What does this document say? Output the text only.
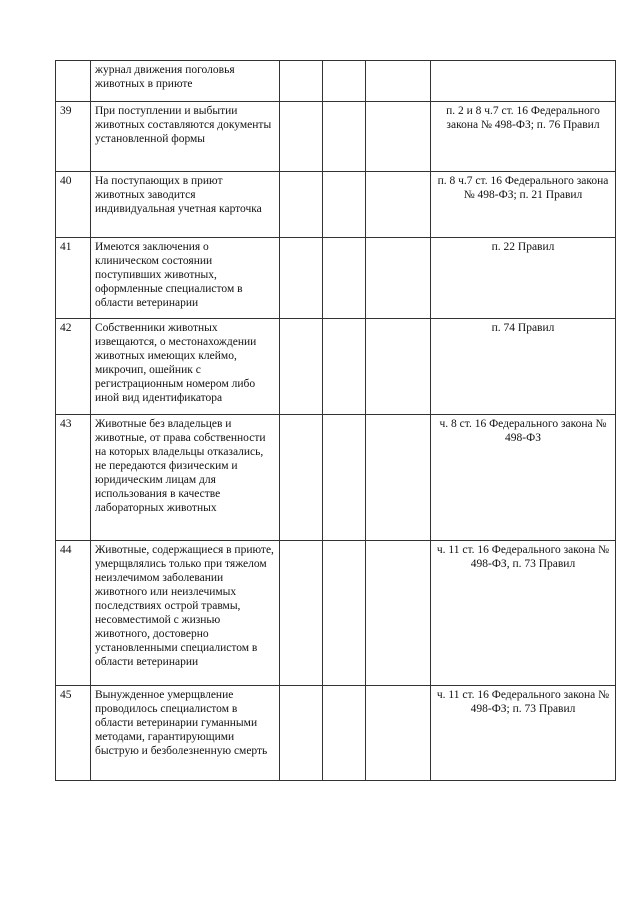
	журнал движения поголовья животных в приюте				
39	При поступлении и выбытии животных составляются документы установленной формы				п. 2 и 8 ч.7 ст. 16 Федерального закона № 498-ФЗ; п. 76 Правил
40	На поступающих в приют животных заводится индивидуальная учетная карточка				п. 8 ч.7 ст. 16 Федерального закона № 498-ФЗ; п. 21 Правил
41	Имеются заключения о клиническом состоянии поступивших животных, оформленные специалистом в области ветеринарии				п. 22 Правил
42	Собственники животных извещаются, о местонахождении животных имеющих клеймо, микрочип, ошейник с регистрационным номером либо иной вид идентификатора				п. 74 Правил
43	Животные без владельцев и животные, от права собственности на которых владельцы отказались, не передаются физическим и юридическим лицам для использования в качестве лабораторных животных				ч. 8 ст. 16 Федерального закона № 498-ФЗ
44	Животные, содержащиеся в приюте, умерщвлялись только при тяжелом неизлечимом заболевании животного или неизлечимых последствиях острой травмы, несовместимой с жизнью животного, достоверно установленными специалистом в области ветеринарии				ч. 11 ст. 16 Федерального закона № 498-ФЗ, п. 73 Правил
45	Вынужденное умерщвление проводилось специалистом в области ветеринарии гуманными методами, гарантирующими быструю и безболезненную смерть				ч. 11 ст. 16 Федерального закона № 498-ФЗ; п. 73 Правил
